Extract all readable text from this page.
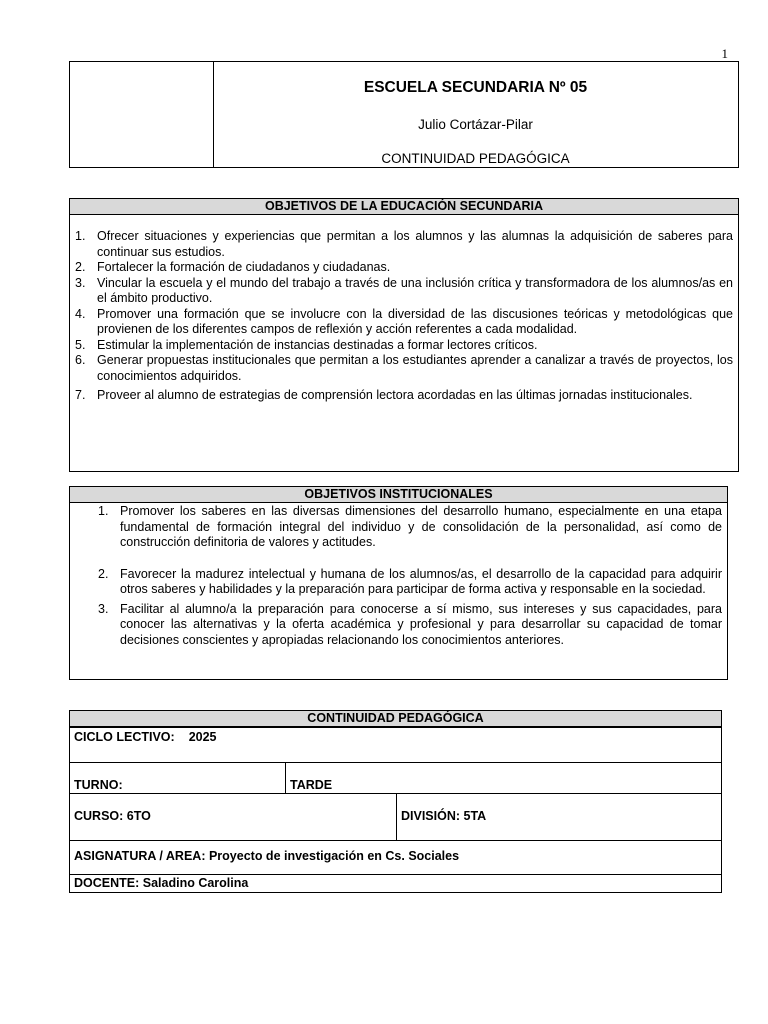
1
ESCUELA SECUNDARIA Nº 05
Julio Cortázar-Pilar
CONTINUIDAD PEDAGÓGICA
OBJETIVOS DE LA EDUCACIÓN SECUNDARIA
1. Ofrecer situaciones y experiencias que permitan a los alumnos y las alumnas la adquisición de saberes para continuar sus estudios.
2. Fortalecer la formación de ciudadanos y ciudadanas.
3. Vincular la escuela y el mundo del trabajo a través de una inclusión crítica y transformadora de los alumnos/as en el ámbito productivo.
4. Promover una formación que se involucre con la diversidad de las discusiones teóricas y metodológicas que provienen de los diferentes campos de reflexión y acción referentes a cada modalidad.
5. Estimular la implementación de instancias destinadas a formar lectores críticos.
6. Generar propuestas institucionales que permitan a los estudiantes aprender a canalizar a través de proyectos, los conocimientos adquiridos.
7. Proveer al alumno de estrategias de comprensión lectora acordadas en las últimas jornadas institucionales.
OBJETIVOS INSTITUCIONALES
1. Promover los saberes en las diversas dimensiones del desarrollo humano, especialmente en una etapa fundamental de formación integral del individuo y de consolidación de la personalidad, así como de construcción definitoria de valores y actitudes.
2. Favorecer la madurez intelectual y humana de los alumnos/as, el desarrollo de la capacidad para adquirir otros saberes y habilidades y la preparación para participar de forma activa y responsable en la sociedad.
3. Facilitar al alumno/a la preparación para conocerse a sí mismo, sus intereses y sus capacidades, para conocer las alternativas y la oferta académica y profesional y para desarrollar su capacidad de tomar decisiones conscientes y apropiadas relacionando los conocimientos anteriores.
CONTINUIDAD PEDAGÓGICA
CICLO LECTIVO: 2025
TURNO:	TARDE
CURSO: 6TO	DIVISIÓN: 5TA
ASIGNATURA / AREA: Proyecto de investigación en Cs. Sociales
DOCENTE: Saladino Carolina
